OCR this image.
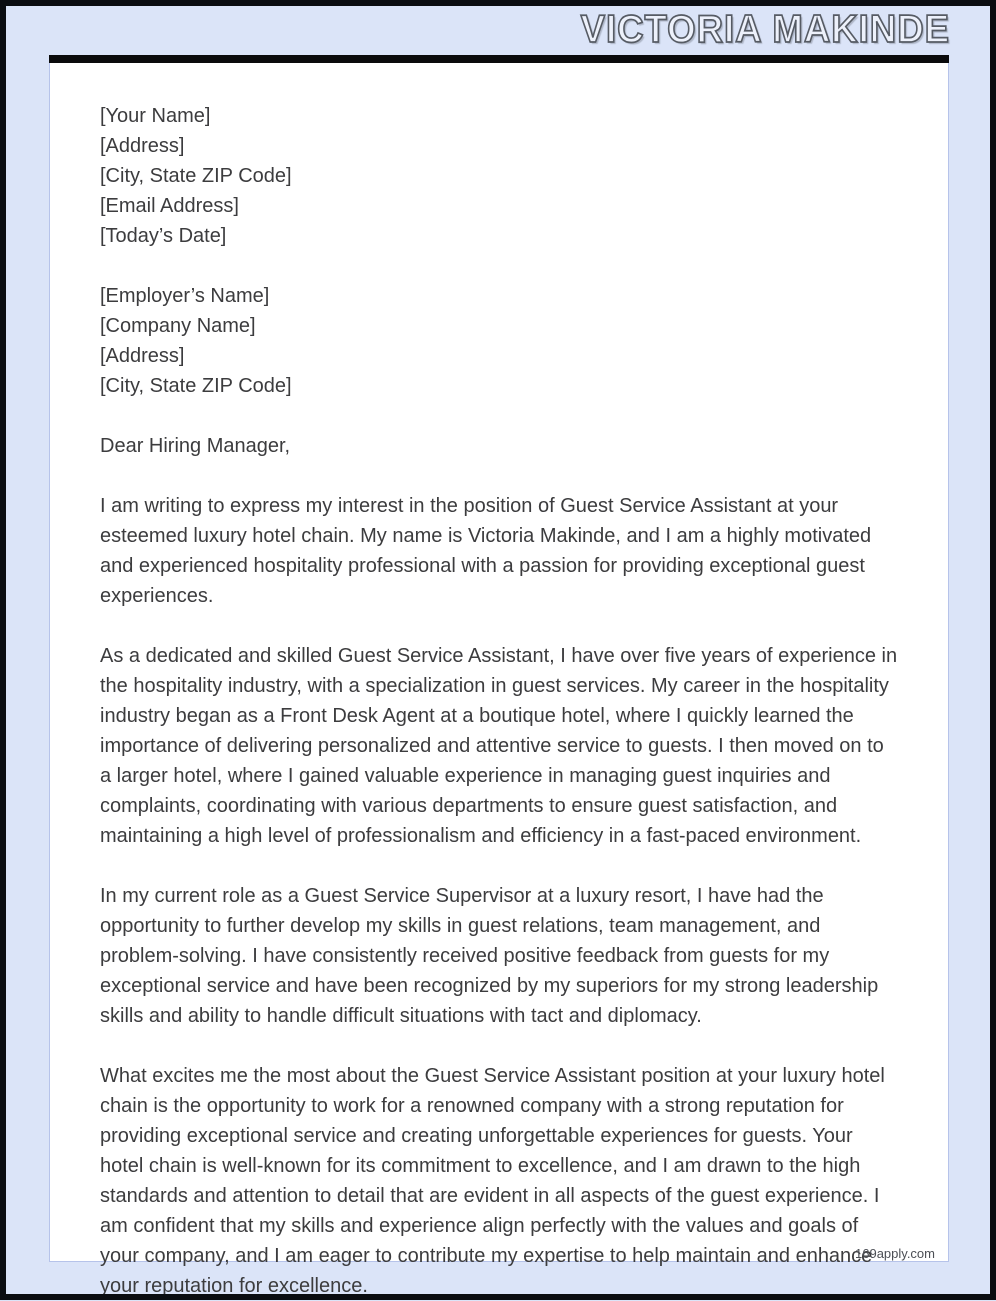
VICTORIA MAKINDE
169apply.com
[Your Name]
[Address]
[City, State ZIP Code]
[Email Address]
[Today’s Date]
[Employer’s Name]
[Company Name]
[Address]
[City, State ZIP Code]
Dear Hiring Manager,
I am writing to express my interest in the position of Guest Service Assistant at your
esteemed luxury hotel chain. My name is Victoria Makinde, and I am a highly motivated
and experienced hospitality professional with a passion for providing exceptional guest
experiences.
As a dedicated and skilled Guest Service Assistant, I have over five years of experience in
the hospitality industry, with a specialization in guest services. My career in the hospitality
industry began as a Front Desk Agent at a boutique hotel, where I quickly learned the
importance of delivering personalized and attentive service to guests. I then moved on to
a larger hotel, where I gained valuable experience in managing guest inquiries and
complaints, coordinating with various departments to ensure guest satisfaction, and
maintaining a high level of professionalism and efficiency in a fast-paced environment.
In my current role as a Guest Service Supervisor at a luxury resort, I have had the
opportunity to further develop my skills in guest relations, team management, and
problem-solving. I have consistently received positive feedback from guests for my
exceptional service and have been recognized by my superiors for my strong leadership
skills and ability to handle difficult situations with tact and diplomacy.
What excites me the most about the Guest Service Assistant position at your luxury hotel
chain is the opportunity to work for a renowned company with a strong reputation for
providing exceptional service and creating unforgettable experiences for guests. Your
hotel chain is well-known for its commitment to excellence, and I am drawn to the high
standards and attention to detail that are evident in all aspects of the guest experience. I
am confident that my skills and experience align perfectly with the values and goals of
your company, and I am eager to contribute my expertise to help maintain and enhance
your reputation for excellence.
